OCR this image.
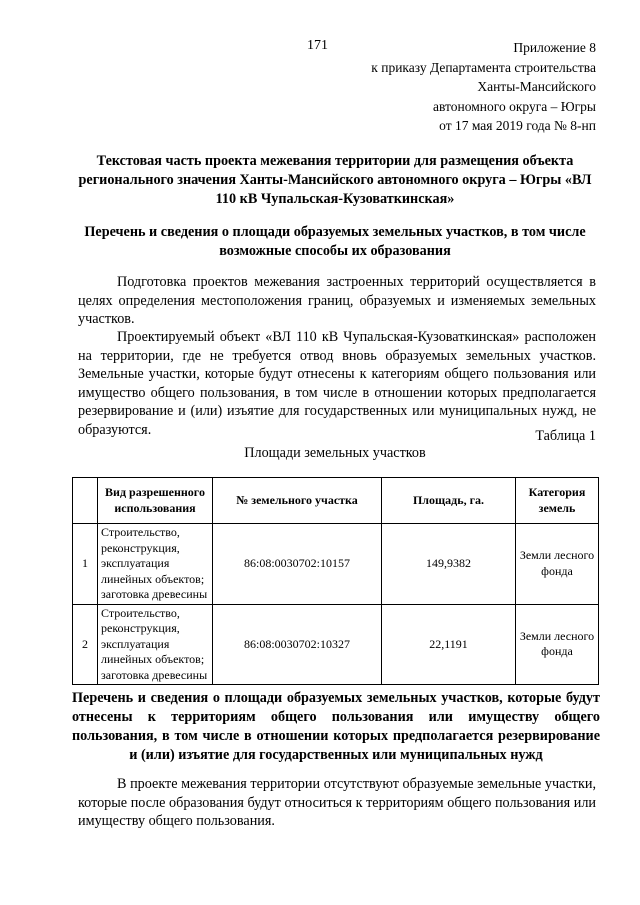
171	Приложение 8
к приказу Департамента строительства
Ханты-Мансийского
автономного округа – Югры
от 17 мая 2019 года № 8-нп
Текстовая часть проекта межевания территории для размещения объекта регионального значения Ханты-Мансийского автономного округа – Югры «ВЛ 110 кВ Чупальская-Кузоваткинская»
Перечень и сведения о площади образуемых земельных участков, в том числе возможные способы их образования
Подготовка проектов межевания застроенных территорий осуществляется в целях определения местоположения границ, образуемых и изменяемых земельных участков.
Проектируемый объект «ВЛ 110 кВ Чупальская-Кузоваткинская» расположен на территории, где не требуется отвод вновь образуемых земельных участков. Земельные участки, которые будут отнесены к категориям общего пользования или имущество общего пользования, в том числе в отношении которых предполагается резервирование и (или) изъятие для государственных или муниципальных нужд, не образуются.	Таблица 1
Площади земельных участков
	Вид разрешенного использования	№ земельного участка	Площадь, га.	Категория земель
1	Строительство, реконструкция, эксплуатация линейных объектов; заготовка древесины	86:08:0030702:10157	149,9382	Земли лесного фонда
2	Строительство, реконструкция, эксплуатация линейных объектов; заготовка древесины	86:08:0030702:10327	22,1191	Земли лесного фонда
Перечень и сведения о площади образуемых земельных участков, которые будут отнесены к территориям общего пользования или имуществу общего пользования, в том числе в отношении которых предполагается резервирование и (или) изъятие для государственных или муниципальных нужд
В проекте межевания территории отсутствуют образуемые земельные участки, которые после образования будут относиться к территориям общего пользования или имуществу общего пользования.
